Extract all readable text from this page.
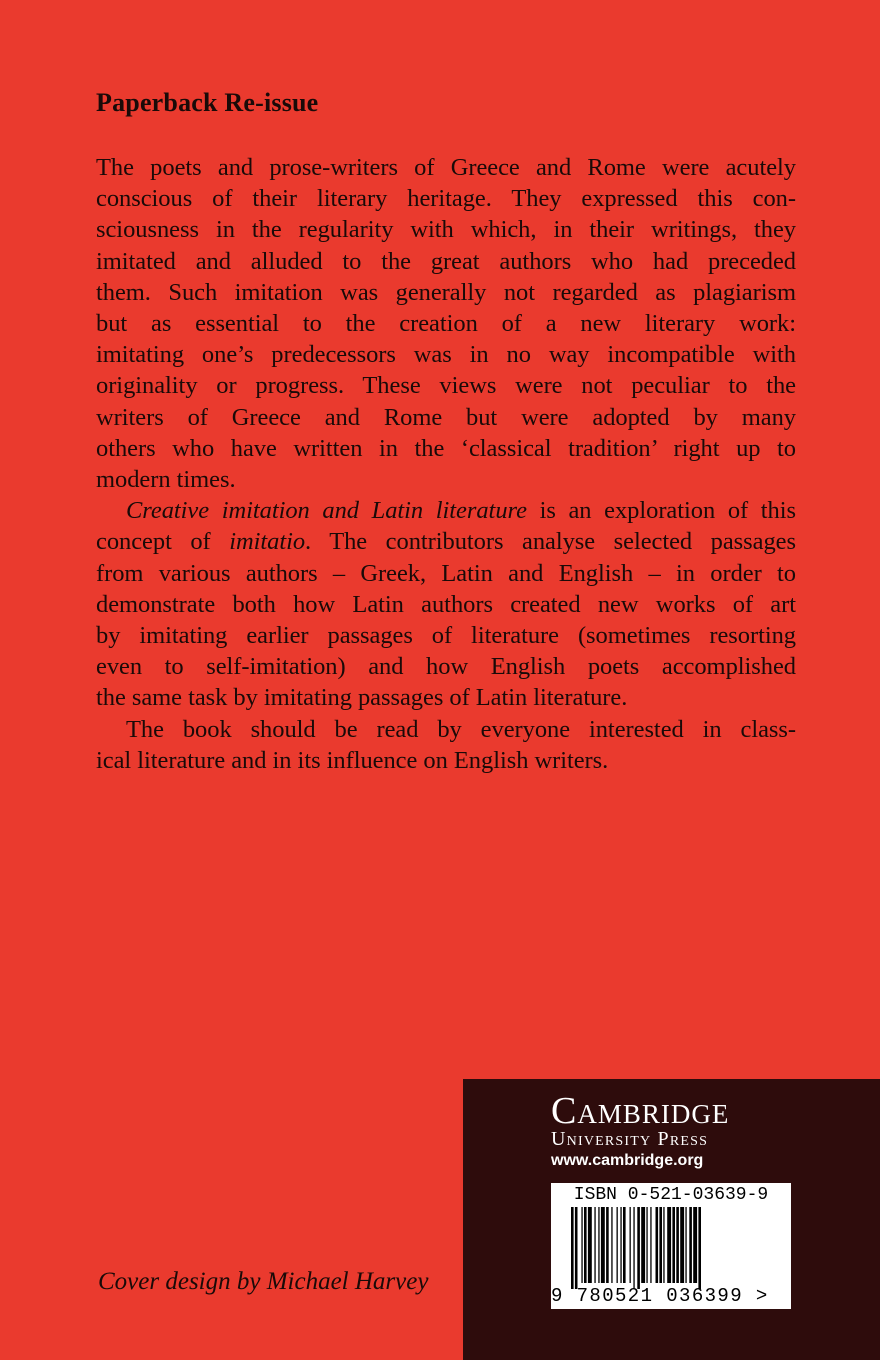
Paperback Re-issue

The poets and prose-writers of Greece and Rome were acutely
conscious of their literary heritage. They expressed this con-
sciousness in the regularity with which, in their writings, they
imitated and alluded to the great authors who had preceded
them. Such imitation was generally not regarded as plagiarism
but as essential to the creation of a new literary work:
imitating one’s predecessors was in no way incompatible with
originality or progress. These views were not peculiar to the
writers of Greece and Rome but were adopted by many
others who have written in the ‘classical tradition’ right up to
modern times.

Creative imitation and Latin literature is an exploration of this
concept of imitatio. The contributors analyse selected passages
from various authors – Greek, Latin and English – in order to
demonstrate both how Latin authors created new works of art
by imitating earlier passages of literature (sometimes resorting
even to self-imitation) and how English poets accomplished
the same task by imitating passages of Latin literature.

The book should be read by everyone interested in class-
ical literature and in its influence on English writers.

Cover design by Michael Harvey
Cambridge
University Press
www.cambridge.org
ISBN 0-521-03639-9
9 780521 036399 >
